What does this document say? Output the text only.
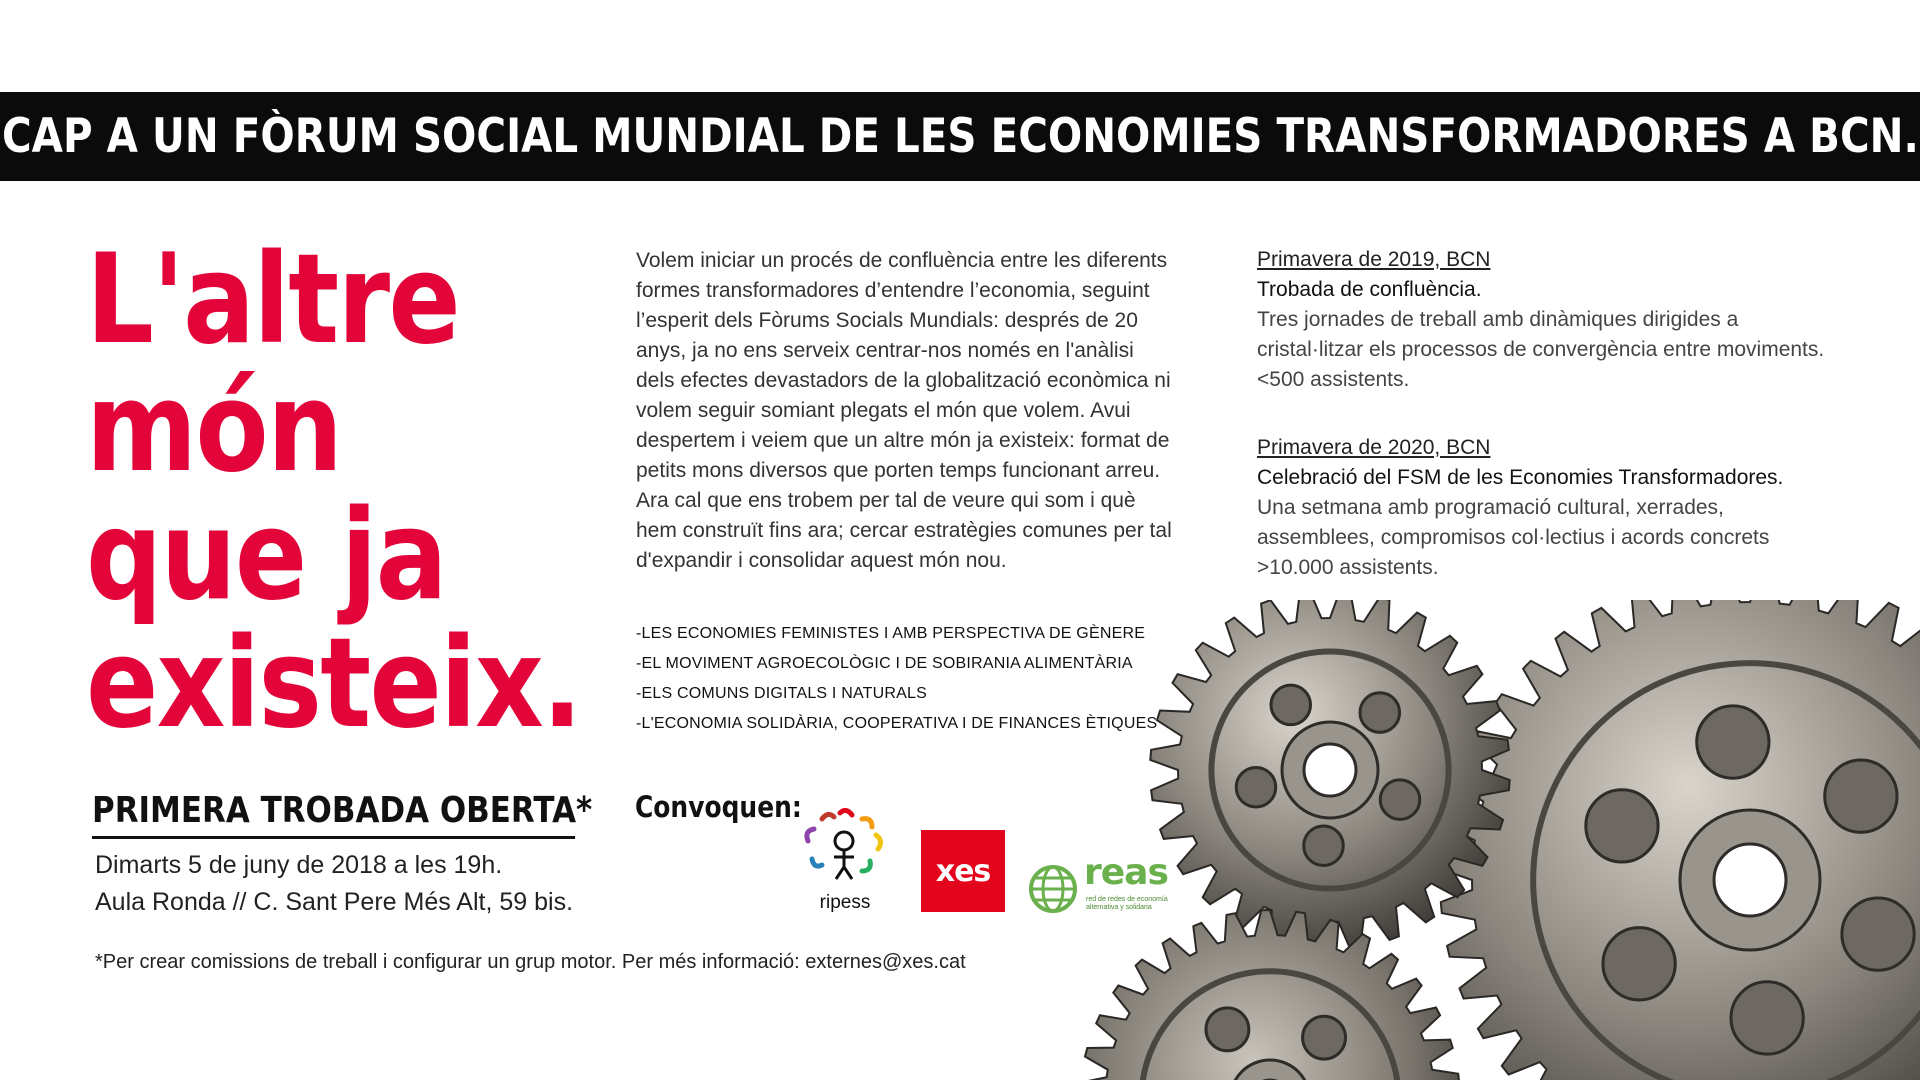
CAP A UN FÒRUM SOCIAL MUNDIAL DE LES ECONOMIES TRANSFORMADORES A BCN.
L'altre
món
que ja
existeix.
PRIMERA TROBADA OBERTA*
Dimarts 5 de juny de 2018 a les 19h.
Aula Ronda // C. Sant Pere Més Alt, 59 bis.
*Per crear comissions de treball i configurar un grup motor. Per més informació: externes@xes.cat

Volem iniciar un procés de confluència entre les diferents formes transformadores d’entendre l’economia, seguint l’esperit dels Fòrums Socials Mundials: després de 20 anys, ja no ens serveix centrar-nos només en l'anàlisi dels efectes devastadors de la globalització econòmica ni volem seguir somiant plegats el món que volem. Avui despertem i veiem que un altre món ja existeix: format de petits mons diversos que porten temps funcionant arreu. Ara cal que ens trobem per tal de veure qui som i què hem construït fins ara; cercar estratègies comunes per tal d'expandir i consolidar aquest món nou.

-LES ECONOMIES FEMINISTES I AMB PERSPECTIVA DE GÈNERE
-EL MOVIMENT AGROECOLÒGIC I DE SOBIRANIA ALIMENTÀRIA
-ELS COMUNS DIGITALS I NATURALS
-L'ECONOMIA SOLIDÀRIA, COOPERATIVA I DE FINANCES ÈTIQUES
Convoquen:
ripess
xes	reas
red de redes de economía
alternativa y solidaria
Primavera de 2019, BCN
Trobada de confluència.

Tres jornades de treball amb dinàmiques dirigides a cristal·litzar els processos de convergència entre moviments.

<500 assistents.

Primavera de 2020, BCN
Celebració del FSM de les Economies Transformadores.

Una setmana amb programació cultural, xerrades, assemblees, compromisos col·lectius i acords concrets

>10.000 assistents.
